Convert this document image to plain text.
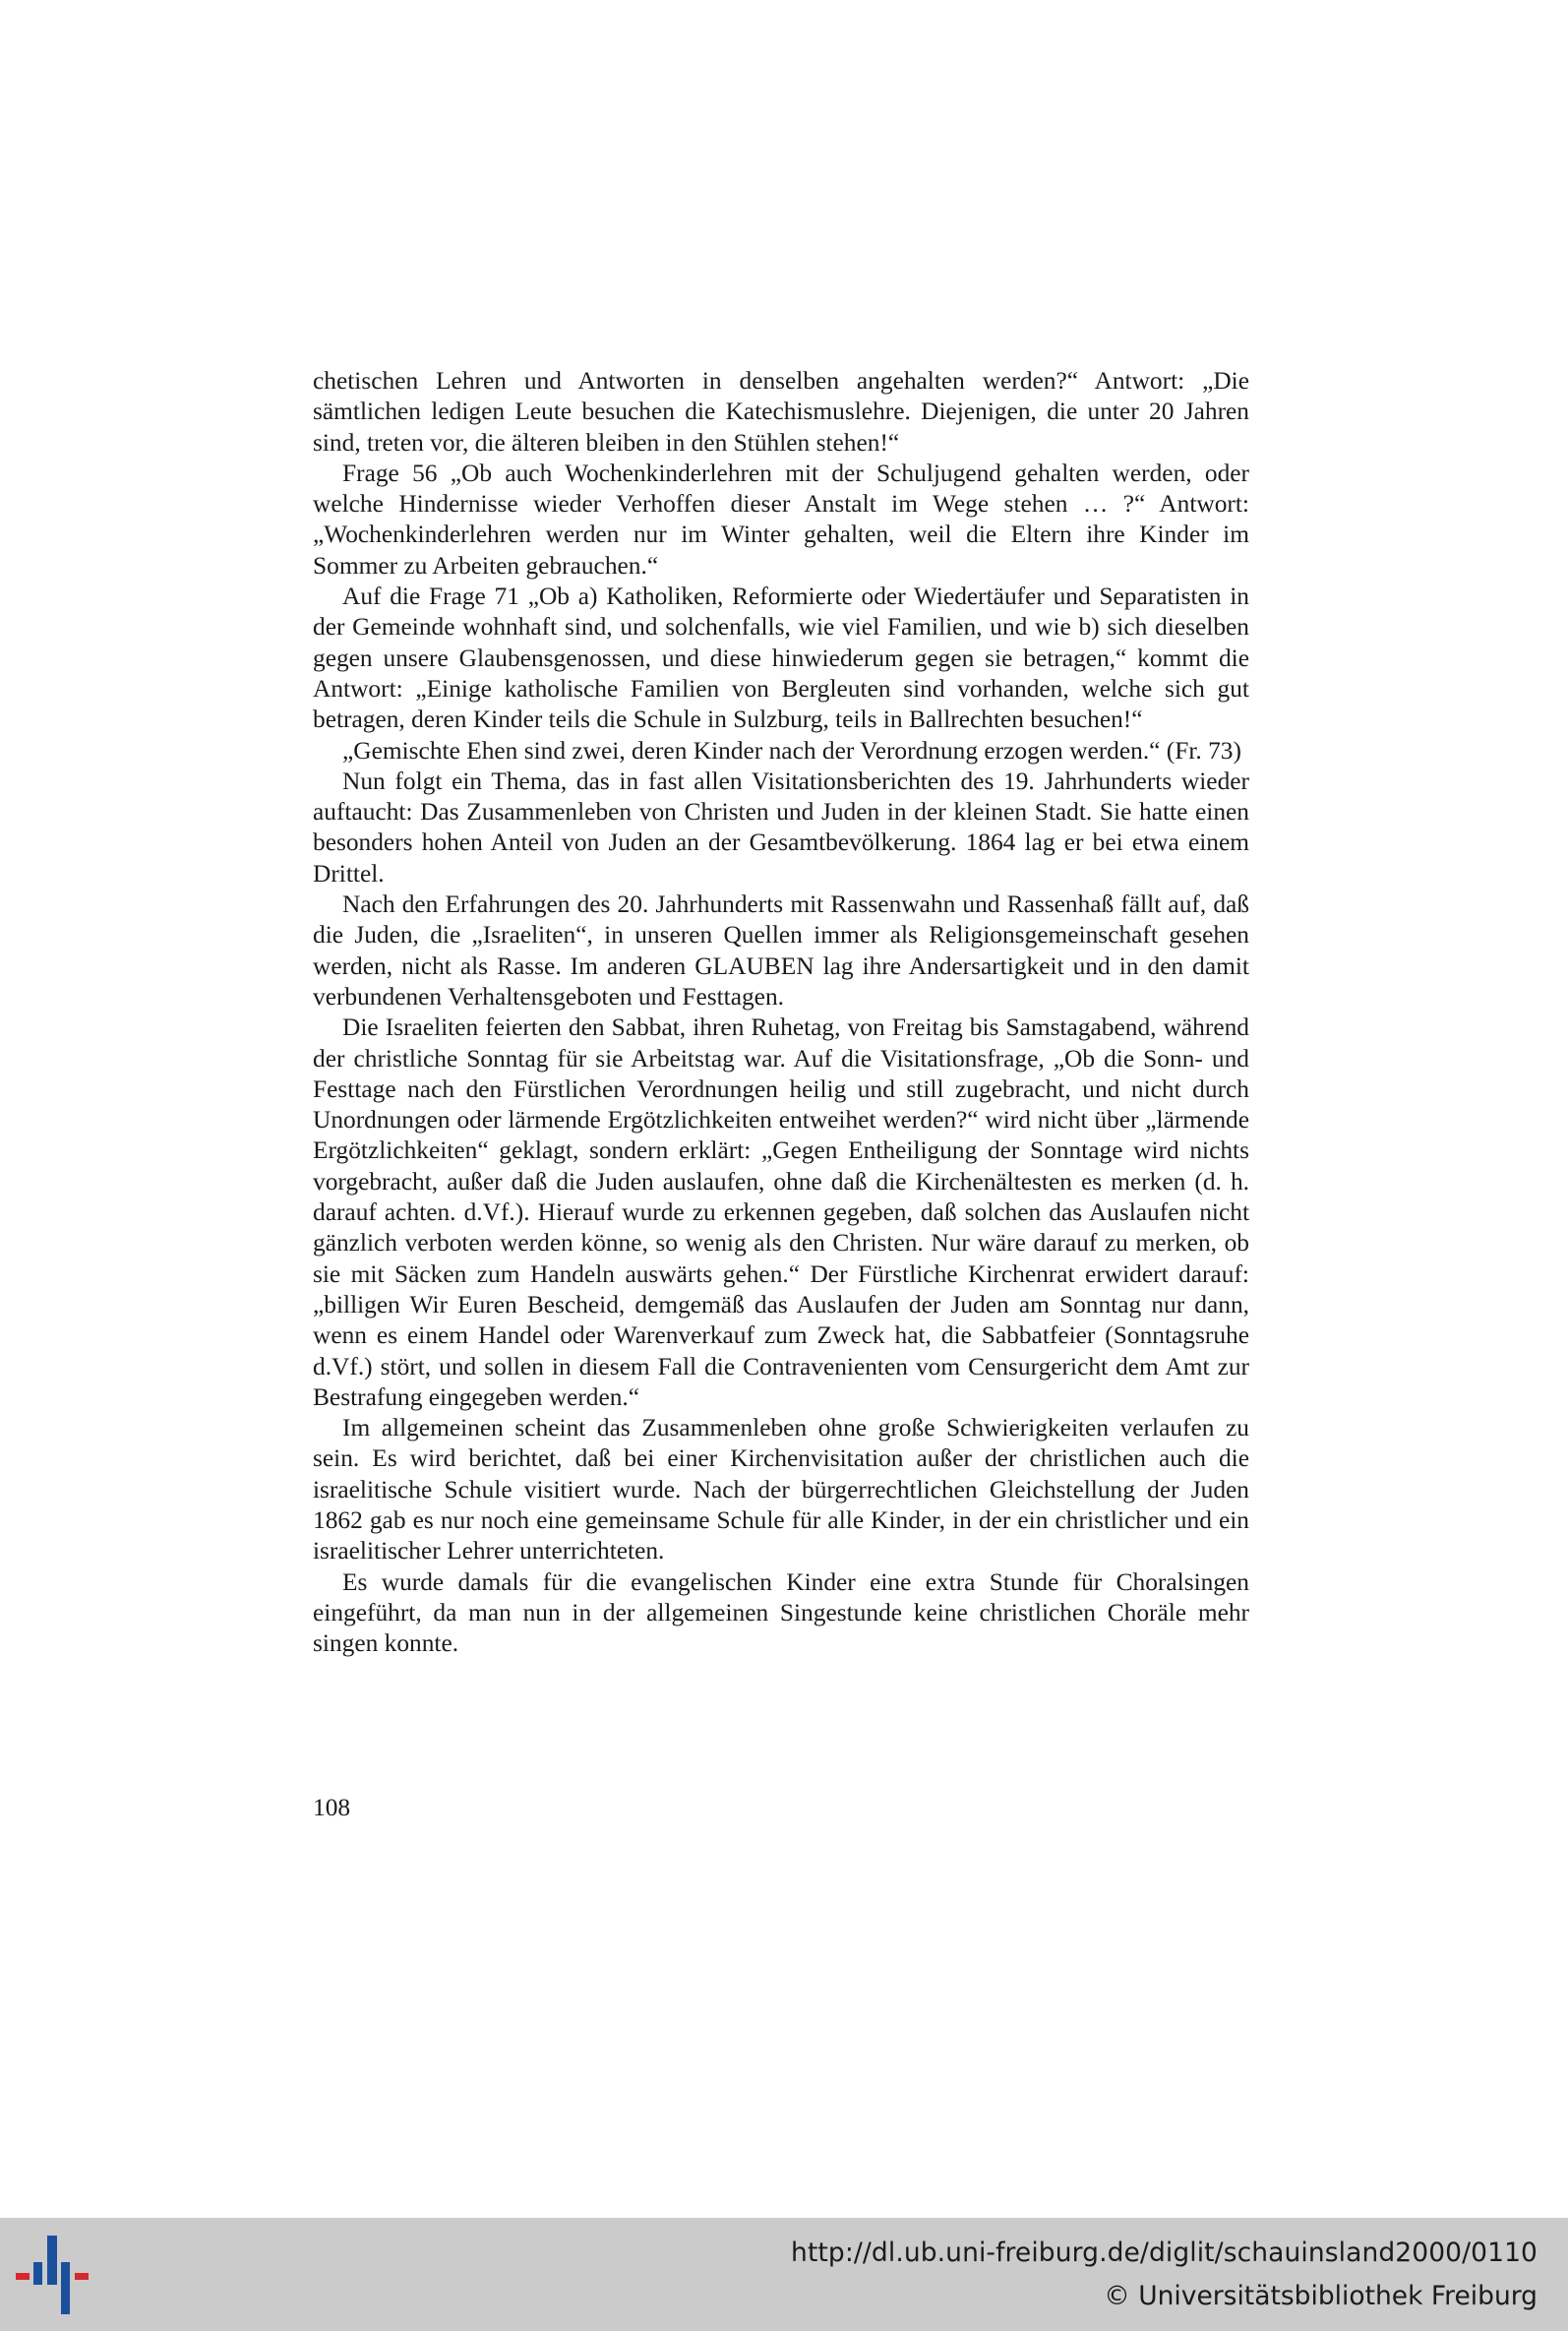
chetischen Lehren und Antworten in denselben angehalten werden?“ Antwort: „Die sämtlichen ledigen Leute besuchen die Katechismuslehre. Diejenigen, die unter 20 Jahren sind, treten vor, die älteren bleiben in den Stühlen stehen!“

Frage 56 „Ob auch Wochenkinderlehren mit der Schuljugend gehalten werden, oder welche Hindernisse wieder Verhoffen dieser Anstalt im Wege stehen … ?“ Antwort: „Wochenkinderlehren werden nur im Winter gehalten, weil die Eltern ihre Kinder im Sommer zu Arbeiten gebrauchen.“

Auf die Frage 71 „Ob a) Katholiken, Reformierte oder Wiedertäufer und Separatisten in der Gemeinde wohnhaft sind, und solchenfalls, wie viel Familien, und wie b) sich dieselben gegen unsere Glaubensgenossen, und diese hinwiederum gegen sie betragen,“ kommt die Antwort: „Einige katholische Familien von Bergleuten sind vorhanden, welche sich gut betragen, deren Kinder teils die Schule in Sulzburg, teils in Ballrechten besuchen!“

„Gemischte Ehen sind zwei, deren Kinder nach der Verordnung erzogen werden.“ (Fr. 73)

Nun folgt ein Thema, das in fast allen Visitationsberichten des 19. Jahrhunderts wieder auftaucht: Das Zusammenleben von Christen und Juden in der kleinen Stadt. Sie hatte einen besonders hohen Anteil von Juden an der Gesamtbevölkerung. 1864 lag er bei etwa einem Drittel.

Nach den Erfahrungen des 20. Jahrhunderts mit Rassenwahn und Rassenhaß fällt auf, daß die Juden, die „Israeliten“, in unseren Quellen immer als Religionsgemeinschaft gesehen werden, nicht als Rasse. Im anderen GLAUBEN lag ihre Andersartigkeit und in den damit verbundenen Verhaltensgeboten und Festtagen.

Die Israeliten feierten den Sabbat, ihren Ruhetag, von Freitag bis Samstagabend, während der christliche Sonntag für sie Arbeitstag war. Auf die Visitationsfrage, „Ob die Sonn- und Festtage nach den Fürstlichen Verordnungen heilig und still zugebracht, und nicht durch Unordnungen oder lärmende Ergötzlichkeiten entweihet werden?“ wird nicht über „lärmende Ergötzlichkeiten“ geklagt, sondern erklärt: „Gegen Entheiligung der Sonntage wird nichts vorgebracht, außer daß die Juden auslaufen, ohne daß die Kirchenältesten es merken (d. h. darauf achten. d.Vf.). Hierauf wurde zu erkennen gegeben, daß solchen das Auslaufen nicht gänzlich verboten werden könne, so wenig als den Christen. Nur wäre darauf zu merken, ob sie mit Säcken zum Handeln auswärts gehen.“ Der Fürstliche Kirchenrat erwidert darauf: „billigen Wir Euren Bescheid, demgemäß das Auslaufen der Juden am Sonntag nur dann, wenn es einem Handel oder Warenverkauf zum Zweck hat, die Sabbatfeier (Sonntagsruhe d.Vf.) stört, und sollen in diesem Fall die Contravenienten vom Censurgericht dem Amt zur Bestrafung eingegeben werden.“

Im allgemeinen scheint das Zusammenleben ohne große Schwierigkeiten verlaufen zu sein. Es wird berichtet, daß bei einer Kirchenvisitation außer der christlichen auch die israelitische Schule visitiert wurde. Nach der bürgerrechtlichen Gleichstellung der Juden 1862 gab es nur noch eine gemeinsame Schule für alle Kinder, in der ein christlicher und ein israelitischer Lehrer unterrichteten.

Es wurde damals für die evangelischen Kinder eine extra Stunde für Choralsingen eingeführt, da man nun in der allgemeinen Singestunde keine christlichen Choräle mehr singen konnte.

108
http://dl.ub.uni-freiburg.de/diglit/schauinsland2000/0110
© Universitätsbibliothek Freiburg
